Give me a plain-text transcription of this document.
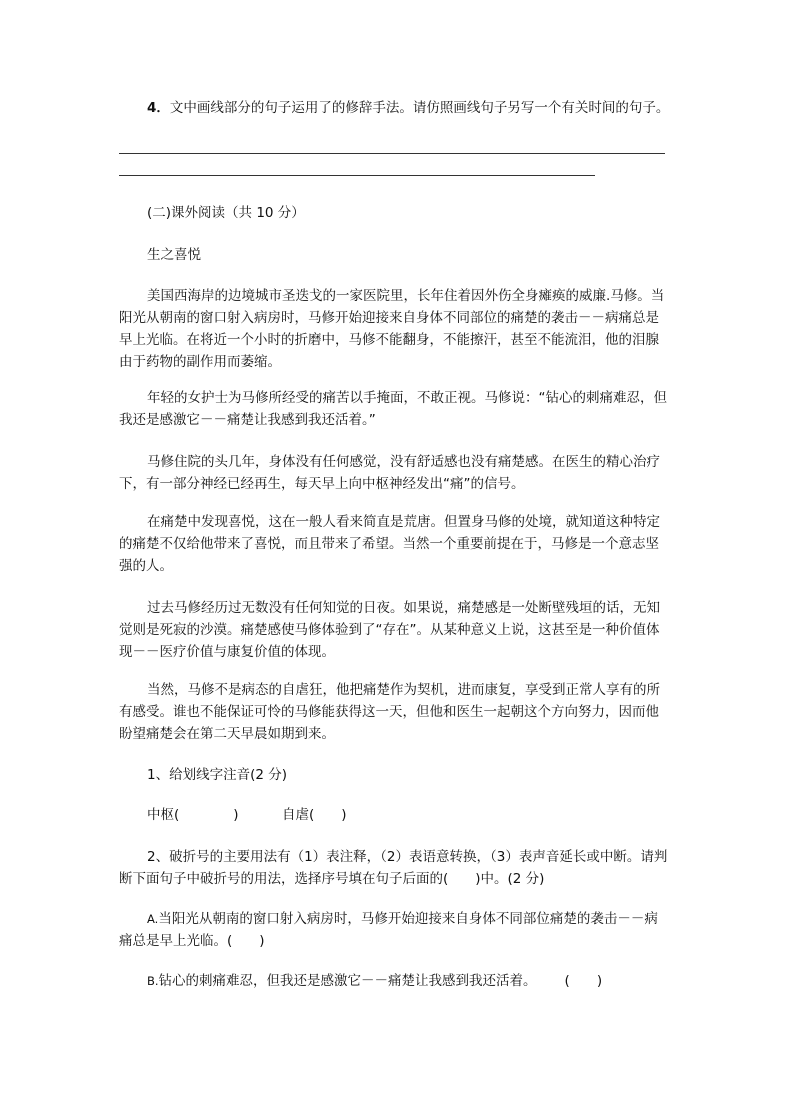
4．文中画线部分的句子运用了的修辞手法。请仿照画线句子另写一个有关时间的句子。

(二)课外阅读（共 10 分）

生之喜悦

美国西海岸的边境城市圣迭戈的一家医院里，长年住着因外伤全身瘫痪的威廉.马修。当阳光从朝南的窗口射入病房时，马修开始迎接来自身体不同部位的痛楚的袭击－－病痛总是早上光临。在将近一个小时的折磨中，马修不能翻身，不能擦汗，甚至不能流泪，他的泪腺由于药物的副作用而萎缩。

年轻的女护士为马修所经受的痛苦以手掩面，不敢正视。马修说：“钻心的刺痛难忍，但我还是感激它－－痛楚让我感到我还活着。”

马修住院的头几年，身体没有任何感觉，没有舒适感也没有痛楚感。在医生的精心治疗下，有一部分神经已经再生，每天早上向中枢神经发出“痛”的信号。

在痛楚中发现喜悦，这在一般人看来简直是荒唐。但置身马修的处境，就知道这种特定的痛楚不仅给他带来了喜悦，而且带来了希望。当然一个重要前提在于，马修是一个意志坚强的人。

过去马修经历过无数没有任何知觉的日夜。如果说，痛楚感是一处断壁残垣的话，无知觉则是死寂的沙漠。痛楚感使马修体验到了“存在”。从某种意义上说，这甚至是一种价值体现－－医疗价值与康复价值的体现。

当然，马修不是病态的自虐狂，他把痛楚作为契机，进而康复，享受到正常人享有的所有感受。谁也不能保证可怜的马修能获得这一天，但他和医生一起朝这个方向努力，因而他盼望痛楚会在第二天早晨如期到来。

1、给划线字注音(2 分)

中枢(　　　　)	自虐(　　)

2、破折号的主要用法有（1）表注释，（2）表语意转换，（3）表声音延长或中断。请判断下面句子中破折号的用法，选择序号填在句子后面的(　　)中。(2 分)

A.当阳光从朝南的窗口射入病房时，马修开始迎接来自身体不同部位痛楚的袭击－－病痛总是早上光临。(　　)

B.钻心的刺痛难忍，但我还是感激它－－痛楚让我感到我还活着。 (　　)
